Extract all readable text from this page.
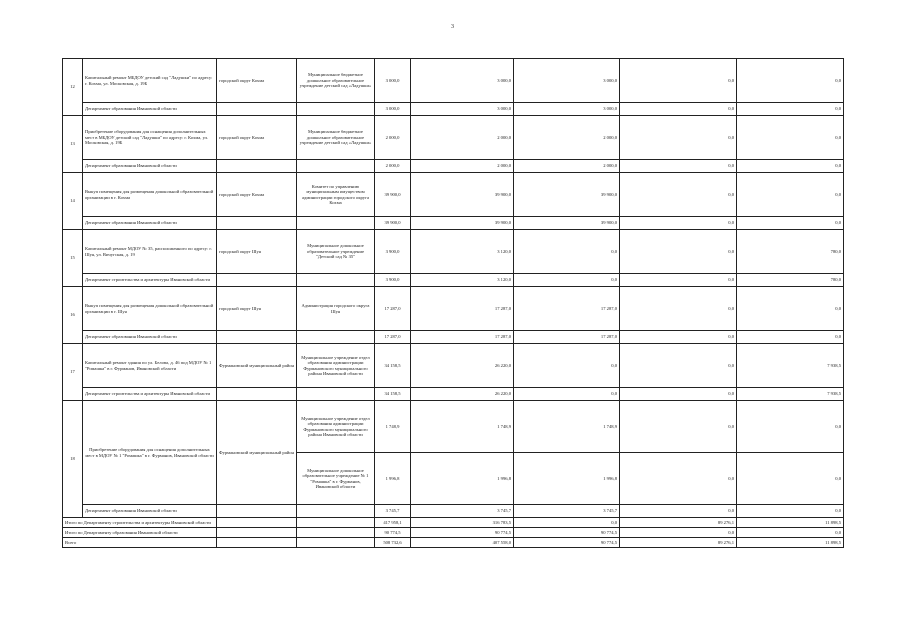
3
12	Капитальный ремонт МБДОУ детский сад "Ладушки" по адресу: г. Кохма, ул. Московская, д. 19Б	городской округ Кохма	Муниципальное бюджетное дошкольное образовательное учреждение детский сад «Ладушки»	3 000,0	3 000,0	3 000,0	0,0	0,0
	Департамент образования Ивановской области			3 000,0	3 000,0	3 000,0	0,0	0,0
13	Приобретение оборудования для оснащения дополнительных мест в МБДОУ детский сад "Ладушки" по адресу: г. Кохма, ул. Московская, д. 19Б	городской округ Кохма	Муниципальное бюджетное дошкольное образовательное учреждение детский сад «Ладушки»	2 000,0	2 000,0	2 000,0	0,0	0,0
	Департамент образования Ивановской области			2 000,0	2 000,0	2 000,0	0,0	0,0
14	Выкуп помещения для размещения дошкольной образовательной организации в г. Кохма	городской округ Кохма	Комитет по управлению муниципальным имуществом администрации городского округа Кохма	39 900,0	39 900,0	39 900,0	0,0	0,0
	Департамент образования Ивановской области			39 900,0	39 900,0	39 900,0	0,0	0,0
15	Капитальный ремонт МДОУ № 35, расположенного по адресу: г. Шуя, ул. Вичугская, д. 19	городской округ Шуя	Муниципальное дошкольное образовательное учреждение "Детский сад № 35"	3 900,0	3 120,0	0,0	0,0	780,0
	Департамент строительства и архитектуры Ивановской области			3 900,0	3 120,0	0,0	0,0	780,0
16	Выкуп помещения для размещения дошкольной образовательной организации в г. Шуя	городской округ Шуя	Администрация городского округа Шуя	17 287,0	17 287,0	17 287,0	0,0	0,0
	Департамент образования Ивановской области			17 287,0	17 287,0	17 287,0	0,0	0,0
17	Капитальный ремонт здания по ул. Белова, д. 46 под МДОУ № 1 "Ромашка" в г. Фурманов, Ивановской области	Фурмановский муниципальный район	Муниципальное учреждение отдел образования администрации Фурмановского муниципального района Ивановской области	34 158,5	26 220,0	0,0	0,0	7 938,5
	Департамент строительства и архитектуры Ивановской области			34 158,5	26 220,0	0,0	0,0	7 938,5
18	Приобретение оборудования для оснащения дополнительных мест в МДОУ № 1 "Ромашка" в г. Фурманов, Ивановской области	Фурмановский муниципальный район	Муниципальное учреждение отдел образования администрации Фурмановского муниципального района Ивановской области	1 748,9	1 748,9	1 748,9	0,0	0,0
			Муниципальное дошкольное образовательное учреждение № 1 "Ромашка" в г. Фурманов, Ивановской области	1 996,8	1 996,8	1 996,8	0,0	0,0
	Департамент образования Ивановской области			3 745,7	3 745,7	3 745,7	0,0	0,0
Итого по Департаменту строительства и архитектуры Ивановской области				417 958,1	316 783,5	0,0	89 276,1	11 898,5
Итого по Департаменту образования Ивановской области				90 774,5	90 774,5	90 774,5	0,0	0,0
Всего				508 732,6	407 558,0	90 774,5	89 276,1	11 898,5
